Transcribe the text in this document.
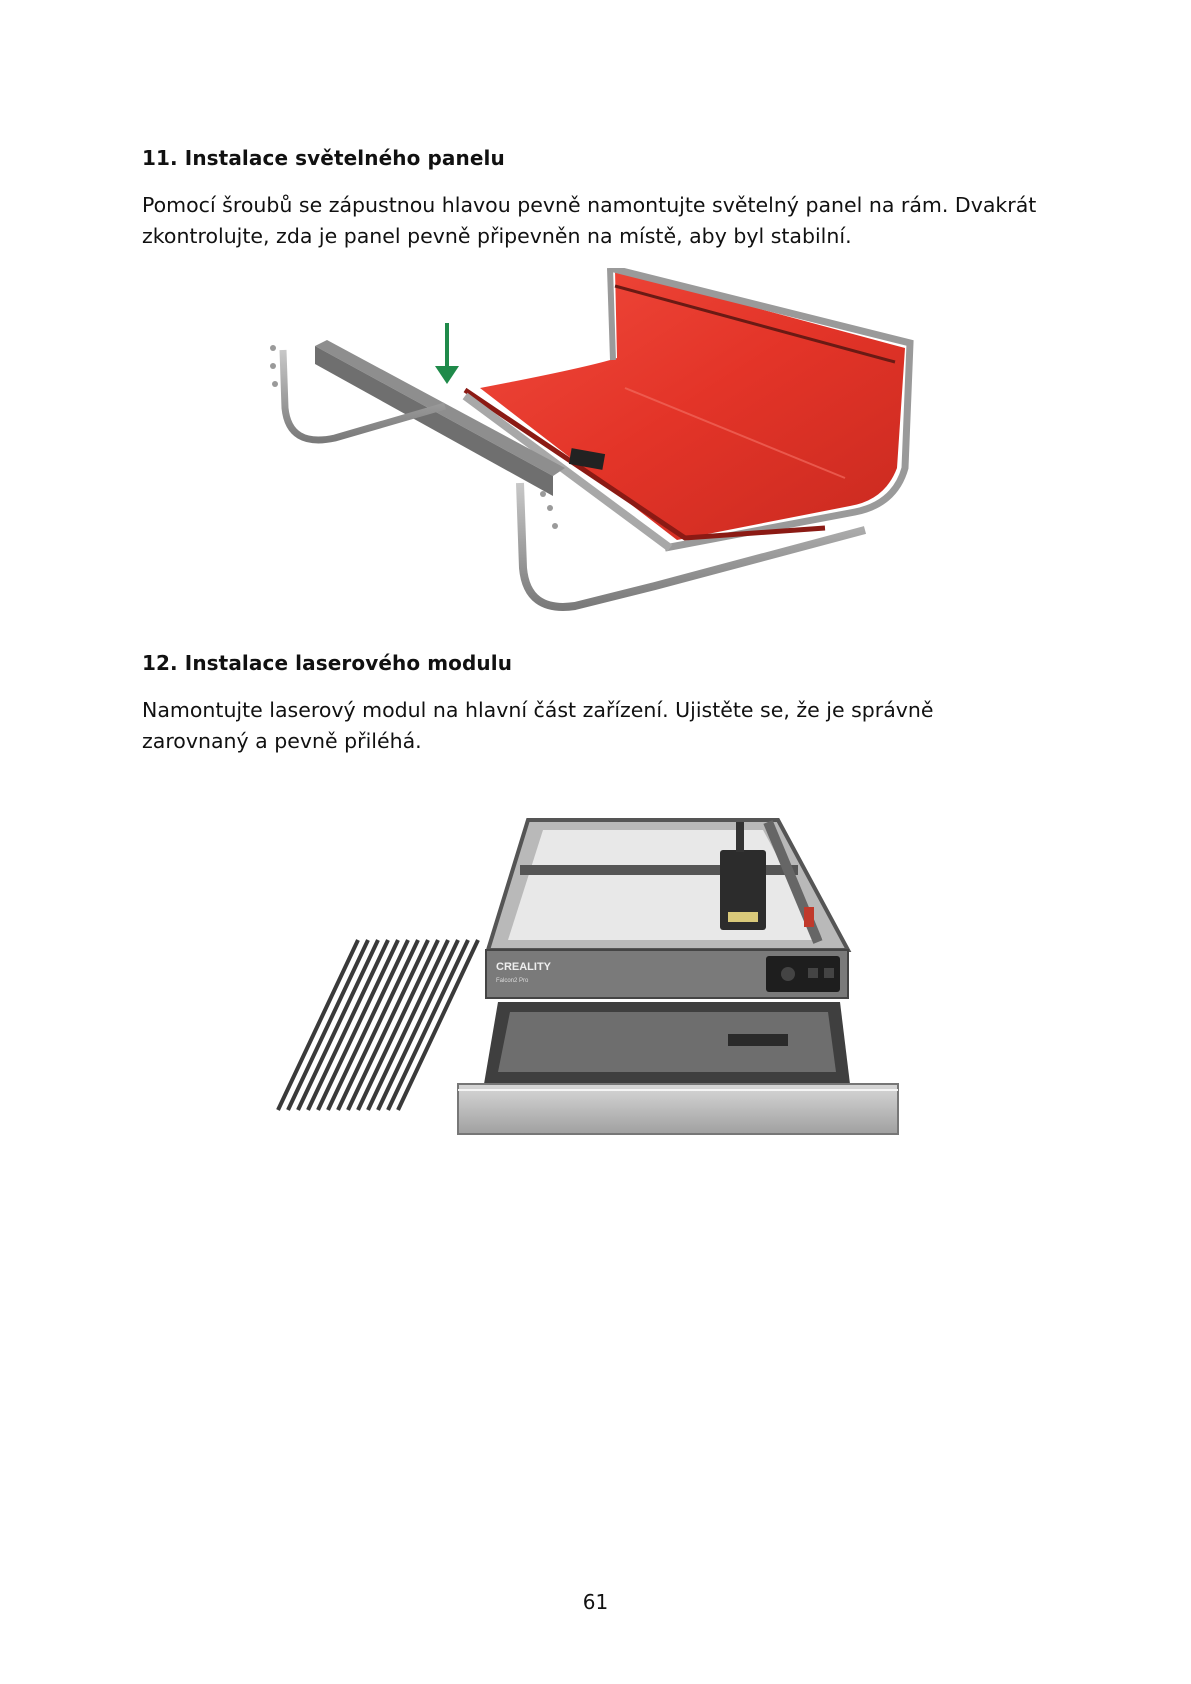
11. Instalace světelného panelu

Pomocí šroubů se zápustnou hlavou pevně namontujte světelný panel na rám. Dvakrát zkontrolujte, zda je panel pevně připevněn na místě, aby byl stabilní.

12. Instalace laserového modulu

Namontujte laserový modul na hlavní část zařízení. Ujistěte se, že je správně zarovnaný a pevně přiléhá.

CREALITY
Falcon2 Pro
61
